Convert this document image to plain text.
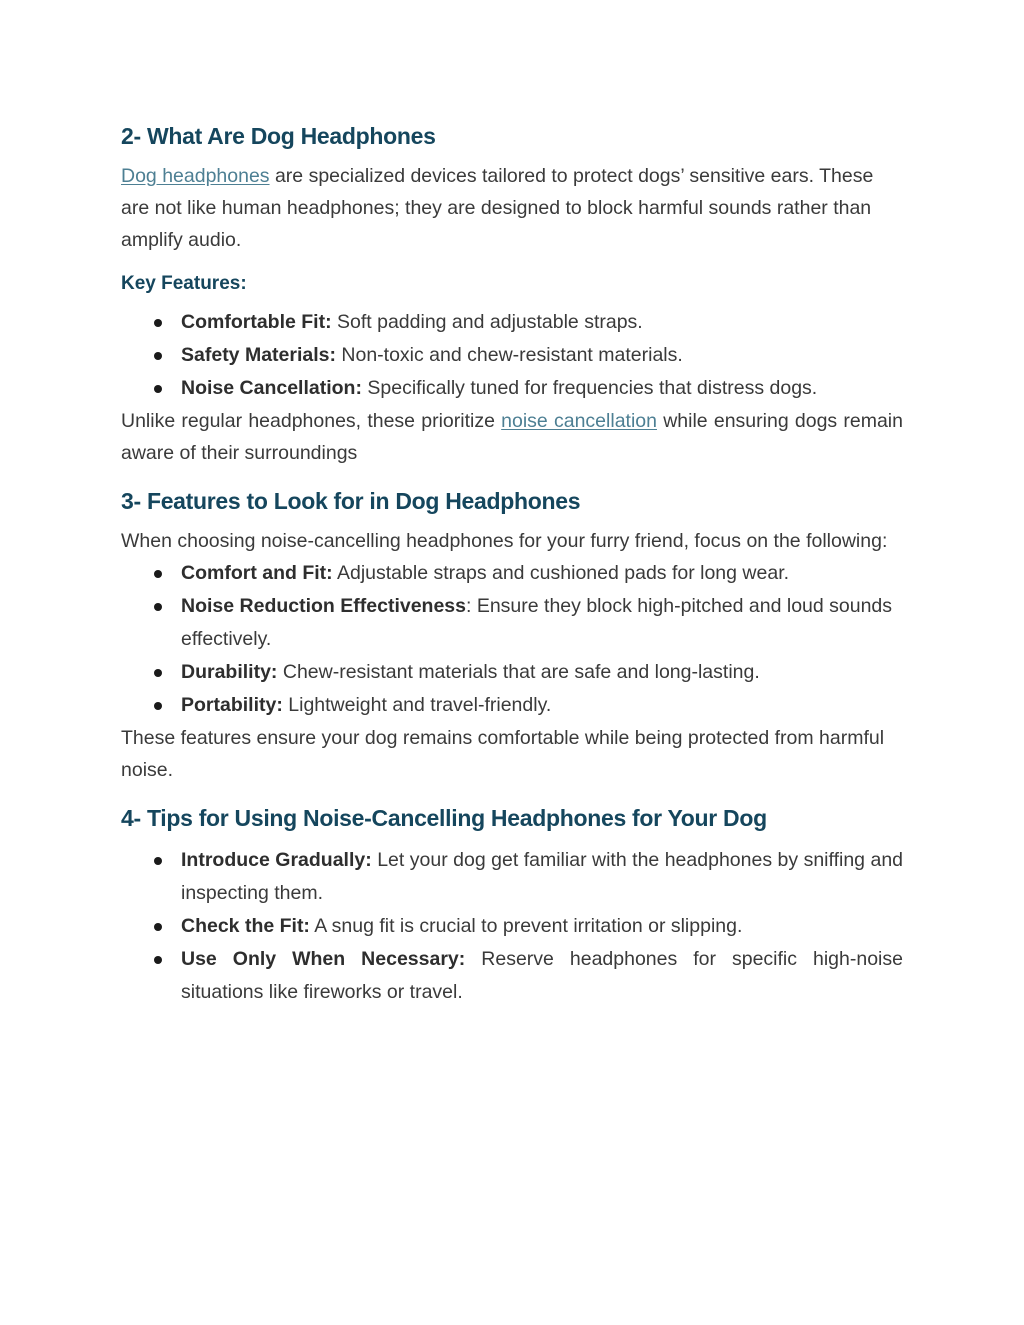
2- What Are Dog Headphones

Dog headphones are specialized devices tailored to protect dogs’ sensitive ears. These are not like human headphones; they are designed to block harmful sounds rather than amplify audio.

Key Features:
Comfortable Fit: Soft padding and adjustable straps.
Safety Materials: Non-toxic and chew-resistant materials.
Noise Cancellation: Specifically tuned for frequencies that distress dogs.

Unlike regular headphones, these prioritize noise cancellation while ensuring dogs remain aware of their surroundings

3- Features to Look for in Dog Headphones

When choosing noise-cancelling headphones for your furry friend, focus on the following:

Comfort and Fit: Adjustable straps and cushioned pads for long wear.
Noise Reduction Effectiveness: Ensure they block high-pitched and loud sounds effectively.
Durability: Chew-resistant materials that are safe and long-lasting.
Portability: Lightweight and travel-friendly.

These features ensure your dog remains comfortable while being protected from harmful noise.

4- Tips for Using Noise-Cancelling Headphones for Your Dog
Introduce Gradually: Let your dog get familiar with the headphones by sniffing and inspecting them.
Check the Fit: A snug fit is crucial to prevent irritation or slipping.
Use Only When Necessary: Reserve headphones for specific high-noise situations like fireworks or travel.
